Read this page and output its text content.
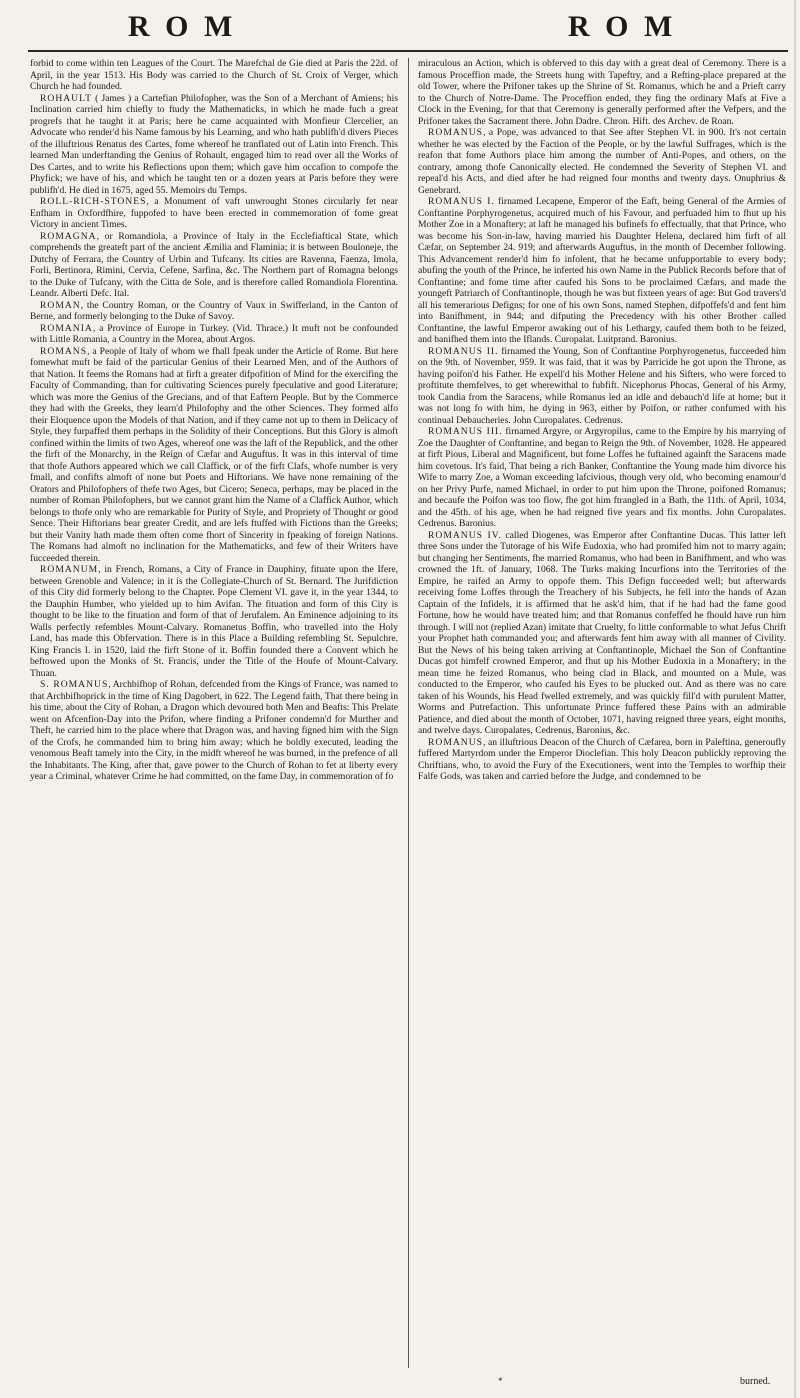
R O M	R O M

forbid to come within ten Leagues of the Court. The Marefchal de Gie died at Paris the 22d. of April, in the year 1513. His Body was carried to the Church of St. Croix of Verger, which Church he had founded.

ROHAULT ( James ) a Cartefian Philofopher, was the Son of a Merchant of Amiens; his Inclination carried him chiefly to ftudy the Mathematicks, in which he made fuch a great progrefs that he taught it at Paris; here he came acquainted with Monfieur Clercelier, an Advocate who render'd his Name famous by his Learning, and who hath publifh'd divers Pieces of the illuftrious Renatus des Cartes, fome whereof he tranflated out of Latin into French. This learned Man underftanding the Genius of Rohault, engaged him to read over all the Works of Des Cartes, and to write his Reflections upon them; which gave him occafion to compofe the Phyfick; we have of his, and which he taught ten or a dozen years at Paris before they were publifh'd. He died in 1675, aged 55. Memoirs du Temps.

ROLL-RICH-STONES, a Monument of vaft unwrought Stones circularly fet near Enfham in Oxfordfhire, fuppofed to have been erected in commemoration of fome great Victory in ancient Times.

ROMAGNA, or Romandiola, a Province of Italy in the Ecclefiaftical State, which comprehends the greateft part of the ancient Æmilia and Flaminia; it is between Bouloneje, the Dutchy of Ferrara, the Country of Urbin and Tufcany. Its cities are Ravenna, Faenza, Imola, Forli, Bertinora, Rimini, Cervia, Cefene, Sarfina, &c. The Northern part of Romagna belongs to the Duke of Tufcany, with the Citta de Sole, and is therefore called Romandiola Florentina. Leandr. Alberti Defc. Ital.

ROMAN, the Country Roman, or the Country of Vaux in Swifferland, in the Canton of Berne, and formerly belonging to the Duke of Savoy.

ROMANIA, a Province of Europe in Turkey. (Vid. Thrace.) It muft not be confounded with Little Romania, a Country in the Morea, about Argos.

ROMANS, a People of Italy of whom we fhall fpeak under the Article of Rome. But here fomewhat muft be faid of the particular Genius of their Learned Men, and of the Authors of that Nation. It feems the Romans had at firft a greater difpofition of Mind for the exercifing the Faculty of Commanding, than for cultivating Sciences purely fpeculative and good Literature; which was more the Genius of the Grecians, and of that Eaftern People. But by the Commerce they had with the Greeks, they learn'd Philofophy and the other Sciences. They formed alfo their Eloquence upon the Models of that Nation, and if they came not up to them in Delicacy of Style, they furpaffed them perhaps in the Solidity of their Conceptions. But this Glory is almoft confined within the limits of two Ages, whereof one was the laft of the Republick, and the other the firft of the Monarchy, in the Reign of Cæfar and Auguftus. It was in this interval of time that thofe Authors appeared which we call Claffick, or of the firft Clafs, whofe number is very fmall, and confifts almoft of none but Poets and Hiftorians. We have none remaining of the Orators and Philofophers of thefe two Ages, but Cicero; Seneca, perhaps, may be placed in the number of Roman Philofophers, but we cannot grant him the Name of a Claffick Author, which belongs to thofe only who are remarkable for Purity of Style, and Propriety of Thought or good Sence. Their Hiftorians bear greater Credit, and are lefs ftuffed with Fictions than the Greeks; but their Vanity hath made them often come fhort of Sincerity in fpeaking of foreign Nations. The Romans had almoft no inclination for the Mathematicks, and few of their Writers have fucceeded therein.

ROMANUM, in French, Romans, a City of France in Dauphiny, fituate upon the Ifere, between Grenoble and Valence; in it is the Collegiate-Church of St. Bernard. The Jurifdiction of this City did formerly belong to the Chapter. Pope Clement VI. gave it, in the year 1344, to the Dauphin Humber, who yielded up to him Avifan. The fituation and form of this City is thought to be like to the fituation and form of that of Jerufalem. An Eminence adjoining to its Walls perfectly refembles Mount-Calvary. Romanetus Boffin, who travelled into the Holy Land, has made this Obfervation. There is in this Place a Building refembling St. Sepulchre. King Francis I. in 1520, laid the firft Stone of it. Boffin founded there a Convent which he beftowed upon the Monks of St. Francis, under the Title of the Houfe of Mount-Calvary. Thuan.

S. ROMANUS, Archbifhop of Rohan, defcended from the Kings of France, was named to that Archbifhoprick in the time of King Dagobert, in 622. The Legend faith, That there being in his time, about the City of Rohan, a Dragon which devoured both Men and Beafts: This Prelate went on Afcenfion-Day into the Prifon, where finding a Prifoner condemn'd for Murther and Theft, he carried him to the place where that Dragon was, and having figned him with the Sign of the Crofs, he commanded him to bring him away; which he boldly executed, leading the venomous Beaft tamely into the City, in the midft whereof he was burned, in the prefence of all the Inhabitants. The King, after that, gave power to the Church of Rohan to fet at liberty every year a Criminal, whatever Crime he had committed, on the fame Day, in commemoration of fo

miraculous an Action, which is obferved to this day with a great deal of Ceremony. There is a famous Proceffion made, the Streets hung with Tapeftry, and a Refting-place prepared at the old Tower, where the Prifoner takes up the Shrine of St. Romanus, which he and a Prieft carry to the Church of Notre-Dame. The Proceffion ended, they fing the ordinary Mafs at Five a Clock in the Evening, for that that Ceremony is generally performed after the Vefpers, and the Prifoner takes the Sacrament there. John Dadre. Chron. Hift. des Archev. de Roan.

ROMANUS, a Pope, was advanced to that See after Stephen VI. in 900. It's not certain whether he was elected by the Faction of the People, or by the lawful Suffrages, which is the reafon that fome Authors place him among the number of Anti-Popes, and others, on the contrary, among thofe Canonically elected. He condemned the Severity of Stephen VI. and repeal'd his Acts, and died after he had reigned four months and twenty days. Onuphrius & Genebrard.

ROMANUS I. firnamed Lecapene, Emperor of the Eaft, being General of the Armies of Conftantine Porphyrogenetus, acquired much of his Favour, and perfuaded him to fhut up his Mother Zoe in a Monaftery; at laft he managed his bufinefs fo effectually, that that Prince, who was become his Son-in-law, having married his Daughter Helena, declared him firft of all Cæfar, on September 24. 919; and afterwards Auguftus, in the month of December following. This Advancement render'd him fo infolent, that he became unfupportable to every body; abufing the youth of the Prince, he inferted his own Name in the Publick Records before that of Conftantine; and fome time after caufed his Sons to be proclaimed Cæfars, and made the youngeft Patriarch of Conftantinople, though he was but fixteen years of age: But God travers'd all his temerarious Defigns; for one of his own Sons, named Stephen, difpoffefs'd and fent him into Banifhment, in 944; and difputing the Precedency with his other Brother called Conftantine, the lawful Emperor awaking out of his Lethargy, caufed them both to be feized, and banifhed them into the Iflands. Curopalat. Luitprand. Baronius.

ROMANUS II. firnamed the Young, Son of Conftantine Porphyrogenetus, fucceeded him on the 9th. of November, 959. It was faid, that it was by Parricide he got upon the Throne, as having poifon'd his Father. He expell'd his Mother Helene and his Sifters, who were forced to proftitute themfelves, to get wherewithal to fubfift. Nicephorus Phocas, General of his Army, took Candia from the Saracens, while Romanus led an idle and debauch'd life at home; but it was not long fo with him, he dying in 963, either by Poifon, or rather confumed with his continual Debaucheries. John Curopalates. Cedrenus.

ROMANUS III. firnamed Argyre, or Argyropilus, came to the Empire by his marrying of Zoe the Daughter of Conftantine, and began to Reign the 9th. of November, 1028. He appeared at firft Pious, Liberal and Magnificent, but fome Loffes he fuftained againft the Saracens made him covetous. It's faid, That being a rich Banker, Conftantine the Young made him divorce his Wife to marry Zoe, a Woman exceeding lafcivious, though very old, who becoming enamour'd on her Privy Purfe, named Michael, in order to put him upon the Throne, poifoned Romanus; and becaufe the Poifon was too flow, fhe got him ftrangled in a Bath, the 11th. of April, 1034, and the 45th. of his age, when he had reigned five years and fix months. John Curopalates. Cedrenus. Baronius.

ROMANUS IV. called Diogenes, was Emperor after Conftantine Ducas. This latter left three Sons under the Tutorage of his Wife Eudoxia, who had promifed him not to marry again; but changing her Sentiments, fhe married Romanus, who had been in Banifhment, and who was crowned the 1ft. of January, 1068. The Turks making Incurfions into the Territories of the Empire, he raifed an Army to oppofe them. This Defign fucceeded well; but afterwards receiving fome Loffes through the Treachery of his Subjects, he fell into the hands of Azan Captain of the Infidels, it is affirmed that he ask'd him, that if he had had the fame good Fortune, how he would have treated him; and that Romanus confeffed he fhould have run him through. I will not (replied Azan) imitate that Cruelty, fo little conformable to what Jefus Chrift your Prophet hath commanded you; and afterwards fent him away with all manner of Civility. But the News of his being taken arriving at Conftantinople, Michael the Son of Conftantine Ducas got himfelf crowned Emperor, and fhut up his Mother Eudoxia in a Monaftery; in the mean time he feized Romanus, who being clad in Black, and mounted on a Mule, was conducted to the Emperor, who caufed his Eyes to be plucked out. And as there was no care taken of his Wounds, his Head fwelled extremely, and was quickly fill'd with purulent Matter, Worms and Putrefaction. This unfortunate Prince fuffered these Pains with an admirable Patience, and died about the month of October, 1071, having reigned three years, eight months, and twelve days. Curopalates, Cedrenus, Baronius, &c.

ROMANUS, an illuftrious Deacon of the Church of Cæfarea, born in Paleftina, generoufly fuffered Martyrdom under the Emperor Dioclefian. This holy Deacon publickly reproving the Chriftians, who, to avoid the Fury of the Executioners, went into the Temples to worfhip their Falfe Gods, was taken and carried before the Judge, and condemned to be

*	burned.
